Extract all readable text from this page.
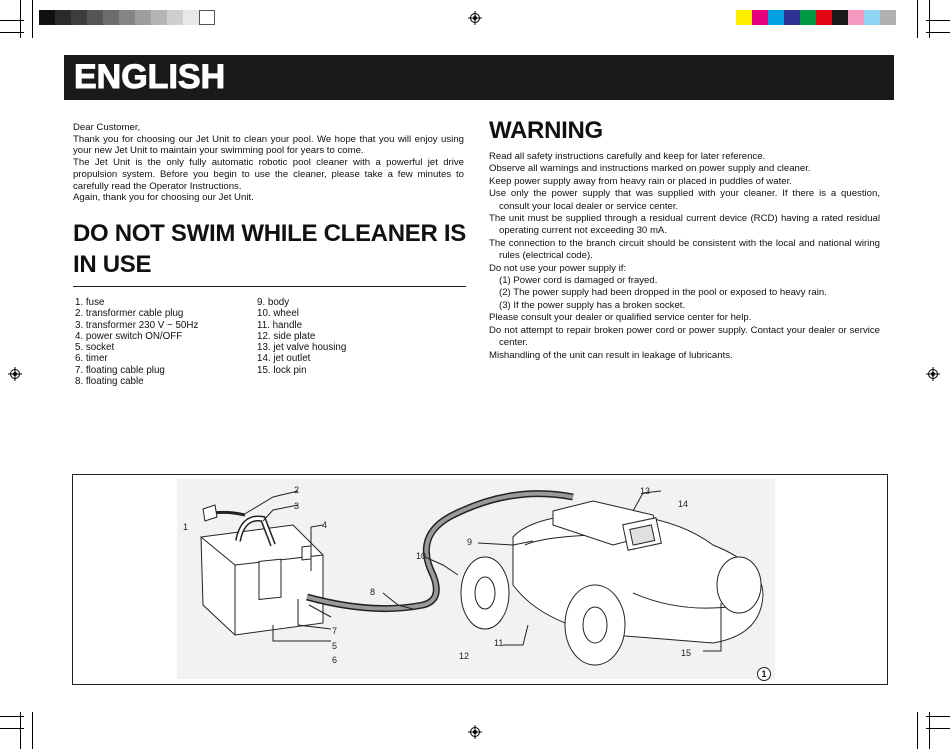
ENGLISH

Dear Customer,

Thank you for choosing our Jet Unit to clean your pool. We hope that you will enjoy using your new Jet Unit to maintain your swimming pool for years to come.

The Jet Unit is the only fully automatic robotic pool cleaner with a powerful jet drive propulsion system. Before you begin to use the cleaner, please take a few minutes to carefully read the Operator Instructions.

Again, thank you for choosing our Jet Unit.

DO NOT SWIM WHILE CLEANER IS IN USE
1. fuse
2. transformer cable plug
3. transformer 230 V ~ 50Hz
4. power switch ON/OFF
5. socket
6. timer
7. floating cable plug
8. floating cable
9. body
10. wheel
11. handle
12. side plate
13. jet valve housing
14. jet outlet
15. lock pin
WARNING
Read all safety instructions carefully and keep for later reference.
Observe all warnings and instructions marked on power supply and cleaner.
Keep power supply away from heavy rain or placed in puddles of water.
Use only the power supply that was supplied with your cleaner. If there is a question, consult your local dealer or service center.
The unit must be supplied through a residual current device (RCD) having a rated residual operating current not exceeding 30 mA.
The connection to the branch circuit should be consistent with the local and national wiring rules (electrical code).
Do not use your power supply if:
(1) Power cord is damaged or frayed.
(2) The power supply had been dropped in the pool or exposed to heavy rain.
(3) If the power supply has a broken socket.
Please consult your dealer or qualified service center for help.
Do not attempt to repair broken power cord or power supply. Contact your dealer or service center.
Mishandling of the unit can result in leakage of lubricants.
1
2
3
4
5
6
7
8
9
10
11
12
13
14
15
1
